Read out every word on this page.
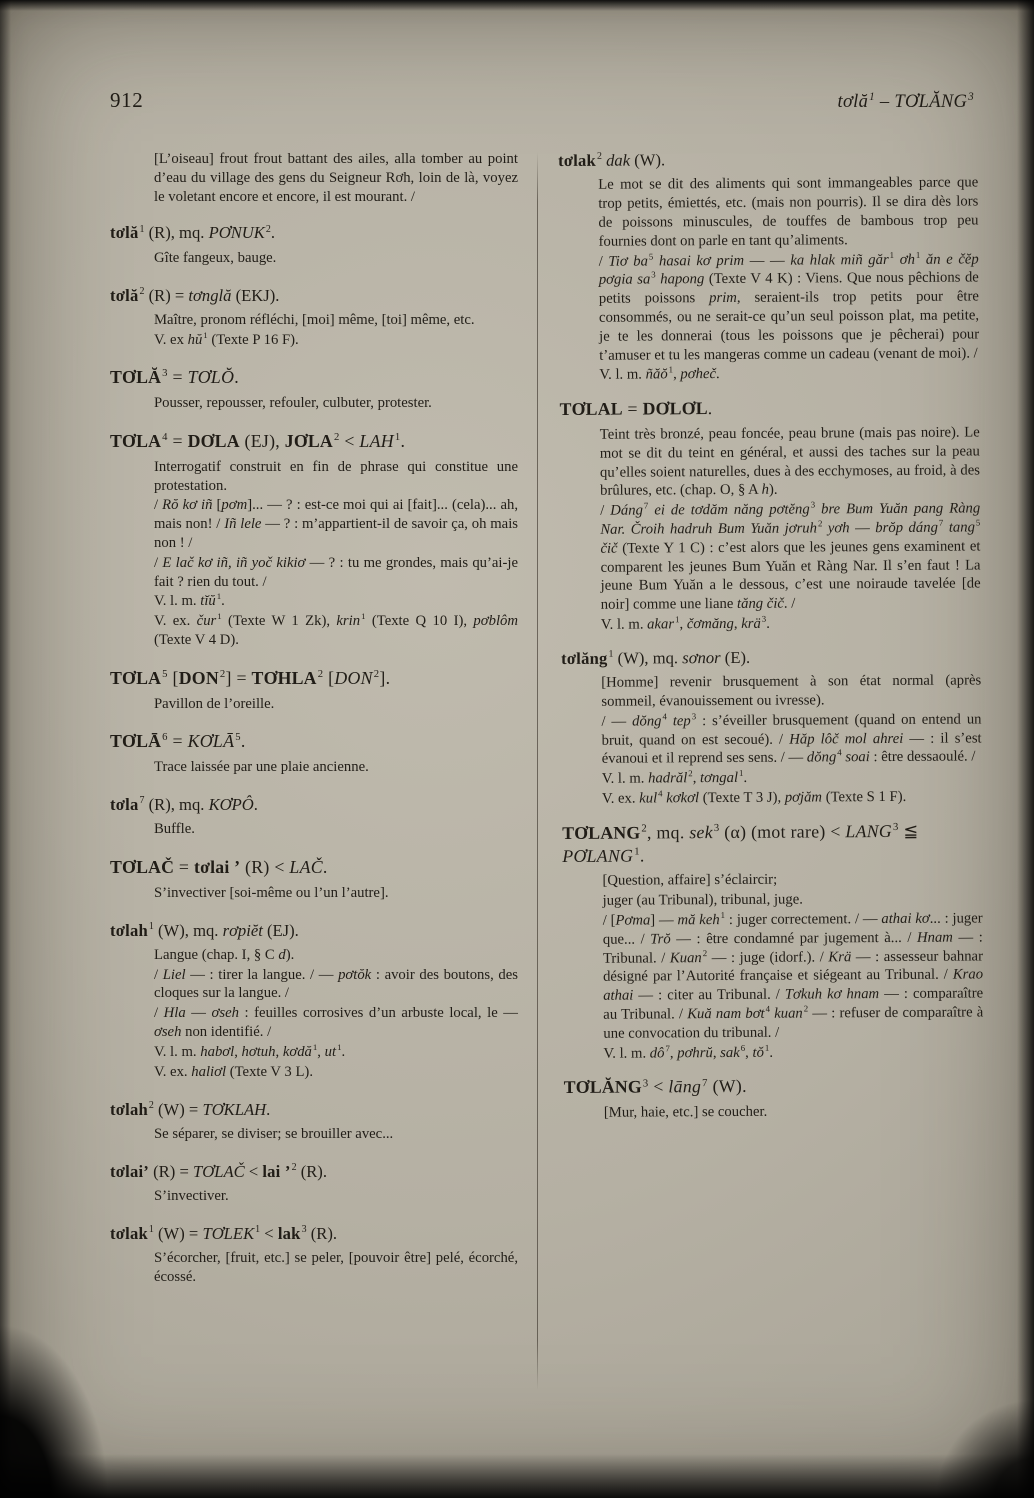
912	tơlă$^1$ – TƠLĂNG$^3$

[L’oiseau] frout frout battant des ailes, alla tomber au point d’eau du village des gens du Seigneur Rơh, loin de là, voyez le voletant encore et encore, il est mourant. /

tơlă$^1$ (R), mq. PƠNUK$^2$.

Gîte fangeux, bauge.

tơlă$^2$ (R) = tơnglă (EKJ).

Maître, pronom réfléchi, [moi] même, [toi] même, etc.

V. ex $hŭ^1$ (Texte P 16 F).

$TƠLĂ^3$ = TƠLŎ.

Pousser, repousser, refouler, culbuter, protester.

$TƠLA^4$ = DƠLA (EJ), $JƠLA^2 < LAH^1$.

Interrogatif construit en fin de phrase qui constitue une protestation.

/ Rŏ kơ iñ [pơm]... — ? : est-ce moi qui ai [fait]... (cela)... ah, mais non! / Iñ lele — ? : m’appartient-il de savoir ça, oh mais non ! /

/ E lač kơ iñ, iñ yoč kikiơ — ? : tu me grondes, mais qu’ai-je fait ? rien du tout. /

V. l. m. tĭŭ$^1$.

V. ex. čur$^1$ (Texte W 1 Zk), krin$^1$ (Texte Q 10 I), pơblôm (Texte V 4 D).

TƠLA$^5$ $[DON^2]$ = $TƠHLA^2$ [DON$^2$].

Pavillon de l’oreille.

$TƠLĀ^6$ = $KƠLĀ^5$.

Trace laissée par une plaie ancienne.

tơla$^7$ (R), mq. KƠPÔ.

Buffle.

TƠLAČ = tơlai ’ (R) < LAČ.

S’invectiver [soi-même ou l’un l’autre].

tơlah$^1$ (W), mq. rơpiĕt (EJ).

Langue (chap. I, § C d).

/ Liel — : tirer la langue. / — pơtŏk : avoir des boutons, des cloques sur la langue. /

/ Hla — ơseh : feuilles corrosives d’un arbuste local, le — ơseh non identifié. /

V. l. m. habơl, hơtuh, kơdă$^1$, $ut^1$.

V. ex. haliơl (Texte V 3 L).

tơlah$^2$ (W) = TƠKLAH.

Se séparer, se diviser; se brouiller avec...

tơlai’ (R) = TƠLAČ < lai ’$^2$ (R).

S’invectiver.

tơlak$^1$ $(W) = TƠLEK^1 < lak^3$ (R).

S’écorcher, [fruit, etc.] se peler, [pouvoir être] pelé, écorché, écossé.

tơlak$^2$ dak (W).

Le mot se dit des aliments qui sont immangeables parce que trop petits, émiettés, etc. (mais non pourris). Il se dira dès lors de poissons minuscules, de touffes de bambous trop peu fournies dont on parle en tant qu’aliments.

/ Tiơ $ba^5$ hasai kơ prim — — ka hlak miñ găr$^1$ $ơh^1$ ăn e čĕp pơgia $sa^3$ hapong (Texte V 4 K) : Viens. Que nous pêchions de petits poissons prim, seraient-ils trop petits pour être consommés, ou ne serait-ce qu’un seul poisson plat, ma petite, je te les donnerai (tous les poissons que je pêcherai) pour t’amuser et tu les mangeras comme un cadeau (venant de moi). /

V. l. m. ñăŏ$^1$, pơheč.

TƠLAL = DƠLƠL.

Teint très bronzé, peau foncée, peau brune (mais pas noire). Le mot se dit du teint en général, et aussi des taches sur la peau qu’elles soient naturelles, dues à des ecchymoses, au froid, à des brûlures, etc. (chap. O, § A h).

/ Dáng$^7$ ei de tơdăm năng pơtĕng$^3$ bre Bum Yuăn pang Ràng Nar. Čroih hadruh Bum Yuăn jơruh$^2$ yơh — brŏp dáng$^7$ tang$^5$ čič (Texte Y 1 C) : c’est alors que les jeunes gens examinent et comparent les jeunes Bum Yuăn et Ràng Nar. Il s’en faut ! La jeune Bum Yuăn a le dessous, c’est une noiraude tavelée [de noir] comme une liane tăng čič. /

V. l. m. akar$^1$, čơmăng, krä$^3$.

tơlăng$^1$ (W), mq. sơnor (E).

[Homme] revenir brusquement à son état normal (après sommeil, évanouissement ou ivresse).

/ — dŏng$^4$ tep$^3$ : s’éveiller brusquement (quand on entend un bruit, quand on est secoué). / Hăp lôč mol ahrei — : il s’est évanoui et il reprend ses sens. / — dŏng$^4$ soai : être dessaoulé. /

V. l. m. hadrăl$^2$, tơngal$^1$.

V. ex. kul$^4$ kơkơl (Texte T 3 J), pơjăm (Texte S 1 F).

TƠLANG$^2$, mq. sek$^3$ (α) (mot rare) < $LANG^3$ ≦ PƠLANG$^1$.

[Question, affaire] s’éclaircir;

juger (au Tribunal), tribunal, juge.

/ [Pơma] — mă keh$^1$ : juger correctement. / — athai kơ... : juger que... / Trŏ — : être condamné par jugement à... / Hnam — : Tribunal. / Kuan$^2$ — : juge (idorf.). / Krä — : assesseur bahnar désigné par l’Autorité française et siégeant au Tribunal. / Krao athai — : citer au Tribunal. / Tơkuh kơ hnam — : comparaître au Tribunal. / Kuă nam bơt$^4$ kuan$^2$ — : refuser de comparaître à une convocation du tribunal. /

V. l. m. $dô^7$, pơhrŭ, sak$^6$, $tŏ^1$.

$TƠLĂNG^3$ < lāng$^7$ (W).

[Mur, haie, etc.] se coucher.
